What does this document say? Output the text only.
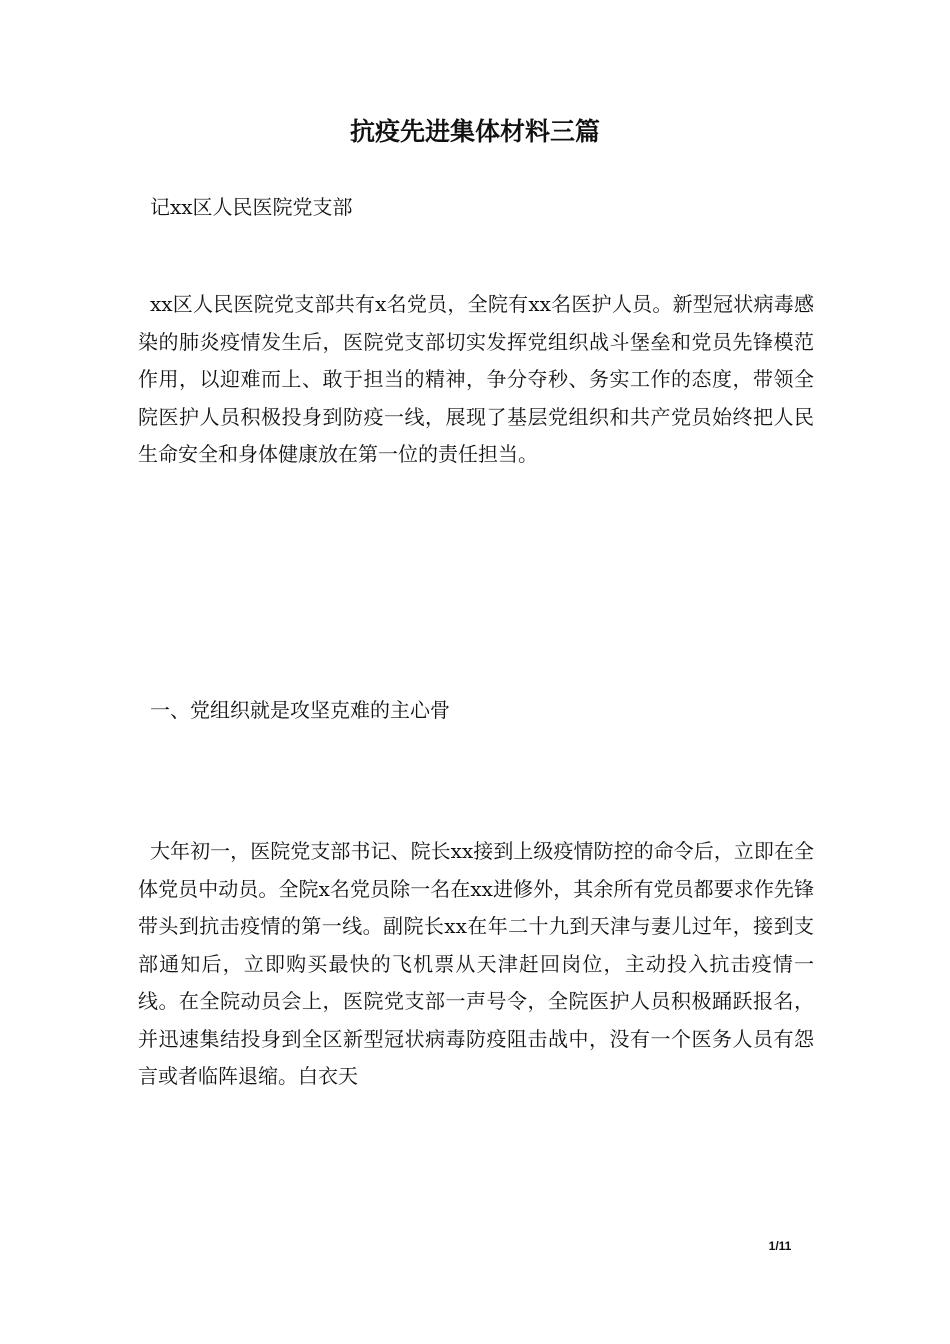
抗疫先进集体材料三篇

记xx区人民医院党支部

xx区人民医院党支部共有x名党员，全院有xx名医护人员。新型冠状病毒感染的肺炎疫情发生后，医院党支部切实发挥党组织战斗堡垒和党员先锋模范作用，以迎难而上、敢于担当的精神，争分夺秒、务实工作的态度，带领全院医护人员积极投身到防疫一线，展现了基层党组织和共产党员始终把人民生命安全和身体健康放在第一位的责任担当。

一、党组织就是攻坚克难的主心骨

大年初一，医院党支部书记、院长xx接到上级疫情防控的命令后，立即在全体党员中动员。全院x名党员除一名在xx进修外，其余所有党员都要求作先锋带头到抗击疫情的第一线。副院长xx在年二十九到天津与妻儿过年，接到支部通知后，立即购买最快的飞机票从天津赶回岗位，主动投入抗击疫情一线。在全院动员会上，医院党支部一声号令，全院医护人员积极踊跃报名，并迅速集结投身到全区新型冠状病毒防疫阻击战中，没有一个医务人员有怨言或者临阵退缩。白衣天

1/11
